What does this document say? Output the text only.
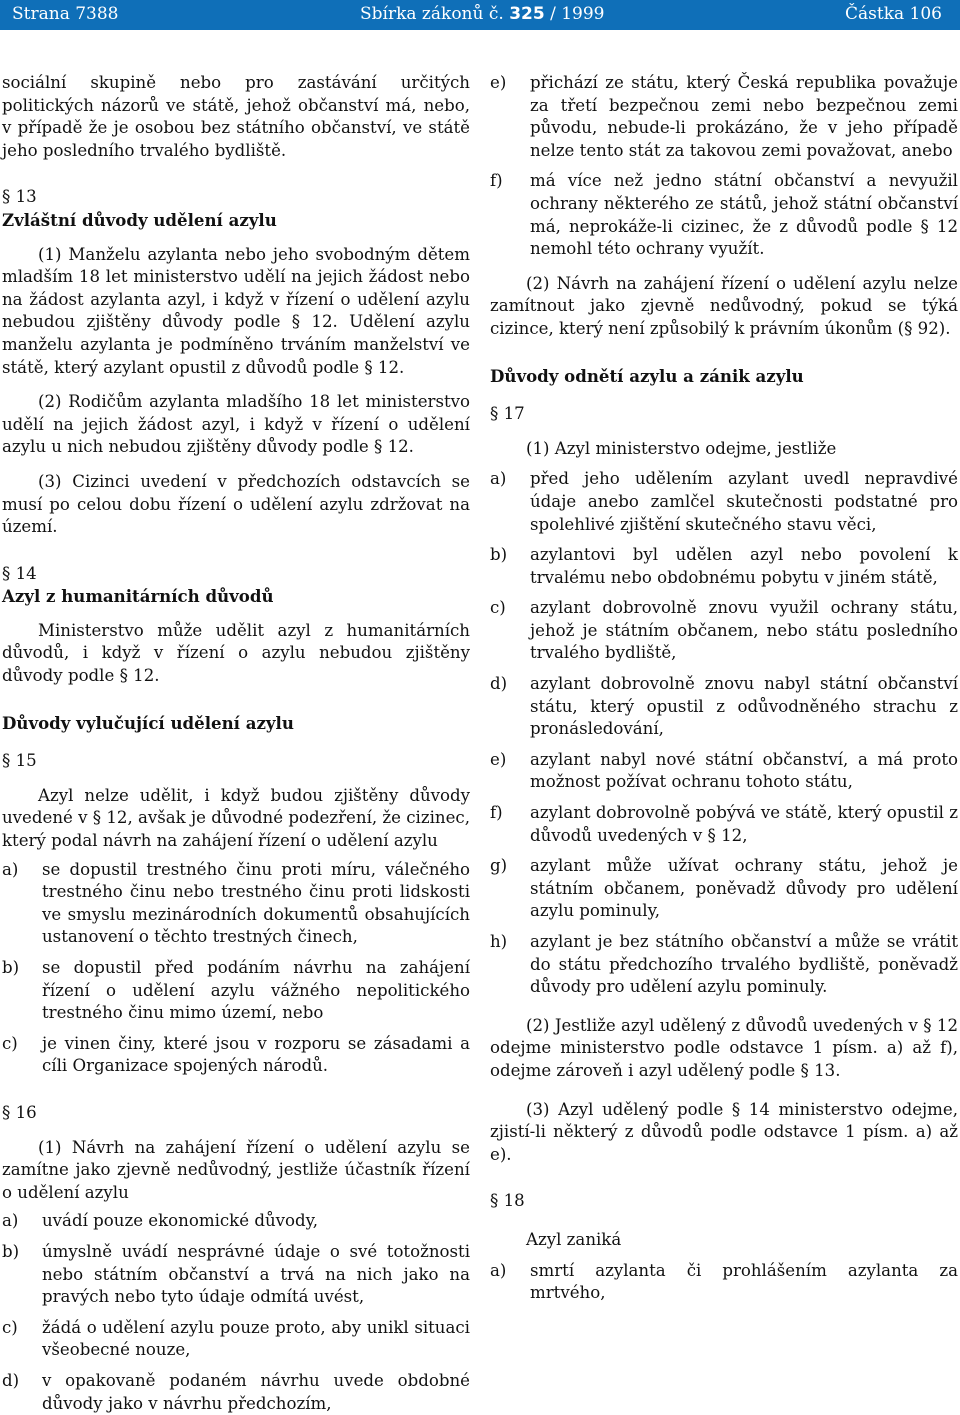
Strana 7388	Sbírka zákonů č. 325 / 1999	Částka 106

sociální skupině nebo pro zastávání určitých politických názorů ve státě, jehož občanství má, nebo, v případě že je osobou bez státního občanství, ve státě jeho posledního trvalého bydliště.

§ 13

Zvláštní důvody udělení azylu

(1) Manželu azylanta nebo jeho svobodným dětem mladším 18 let ministerstvo udělí na jejich žádost nebo na žádost azylanta azyl, i když v řízení o udělení azylu nebudou zjištěny důvody podle § 12. Udělení azylu manželu azylanta je podmíněno trváním manželství ve státě, který azylant opustil z důvodů podle § 12.

(2) Rodičům azylanta mladšího 18 let ministerstvo udělí na jejich žádost azyl, i když v řízení o udělení azylu u nich nebudou zjištěny důvody podle § 12.

(3) Cizinci uvedení v předchozích odstavcích se musí po celou dobu řízení o udělení azylu zdržovat na území.

§ 14

Azyl z humanitárních důvodů

Ministerstvo může udělit azyl z humanitárních důvodů, i když v řízení o azylu nebudou zjištěny důvody podle § 12.

Důvody vylučující udělení azylu

§ 15

Azyl nelze udělit, i když budou zjištěny důvody uvedené v § 12, avšak je důvodné podezření, že cizinec, který podal návrh na zahájení řízení o udělení azylu

a) se dopustil trestného činu proti míru, válečného trestného činu nebo trestného činu proti lidskosti ve smyslu mezinárodních dokumentů obsahujících ustanovení o těchto trestných činech,

b) se dopustil před podáním návrhu na zahájení řízení o udělení azylu vážného nepolitického trestného činu mimo území, nebo

c) je vinen činy, které jsou v rozporu se zásadami a cíli Organizace spojených národů.

§ 16

(1) Návrh na zahájení řízení o udělení azylu se zamítne jako zjevně nedůvodný, jestliže účastník řízení o udělení azylu

a) uvádí pouze ekonomické důvody,

b) úmyslně uvádí nesprávné údaje o své totožnosti nebo státním občanství a trvá na nich jako na pravých nebo tyto údaje odmítá uvést,

c) žádá o udělení azylu pouze proto, aby unikl situaci všeobecné nouze,

d) v opakovaně podaném návrhu uvede obdobné důvody jako v návrhu předchozím,

e) přichází ze státu, který Česká republika považuje za třetí bezpečnou zemi nebo bezpečnou zemi původu, nebude-li prokázáno, že v jeho případě nelze tento stát za takovou zemi považovat, anebo

f) má více než jedno státní občanství a nevyužil ochrany některého ze států, jehož státní občanství má, neprokáže-li cizinec, že z důvodů podle § 12 nemohl této ochrany využít.

(2) Návrh na zahájení řízení o udělení azylu nelze zamítnout jako zjevně nedůvodný, pokud se týká cizince, který není způsobilý k právním úkonům (§ 92).

Důvody odnětí azylu a zánik azylu

§ 17

(1) Azyl ministerstvo odejme, jestliže

a) před jeho udělením azylant uvedl nepravdivé údaje anebo zamlčel skutečnosti podstatné pro spolehlivé zjištění skutečného stavu věci,

b) azylantovi byl udělen azyl nebo povolení k trvalému nebo obdobnému pobytu v jiném státě,

c) azylant dobrovolně znovu využil ochrany státu, jehož je státním občanem, nebo státu posledního trvalého bydliště,

d) azylant dobrovolně znovu nabyl státní občanství státu, který opustil z odůvodněného strachu z pronásledování,

e) azylant nabyl nové státní občanství, a má proto možnost požívat ochranu tohoto státu,

f) azylant dobrovolně pobývá ve státě, který opustil z důvodů uvedených v § 12,

g) azylant může užívat ochrany státu, jehož je státním občanem, poněvadž důvody pro udělení azylu pominuly,

h) azylant je bez státního občanství a může se vrátit do státu předchozího trvalého bydliště, poněvadž důvody pro udělení azylu pominuly.

(2) Jestliže azyl udělený z důvodů uvedených v § 12 odejme ministerstvo podle odstavce 1 písm. a) až f), odejme zároveň i azyl udělený podle § 13.

(3) Azyl udělený podle § 14 ministerstvo odejme, zjistí-li některý z důvodů podle odstavce 1 písm. a) až e).

§ 18

Azyl zaniká

a) smrtí azylanta či prohlášením azylanta za mrtvého,
